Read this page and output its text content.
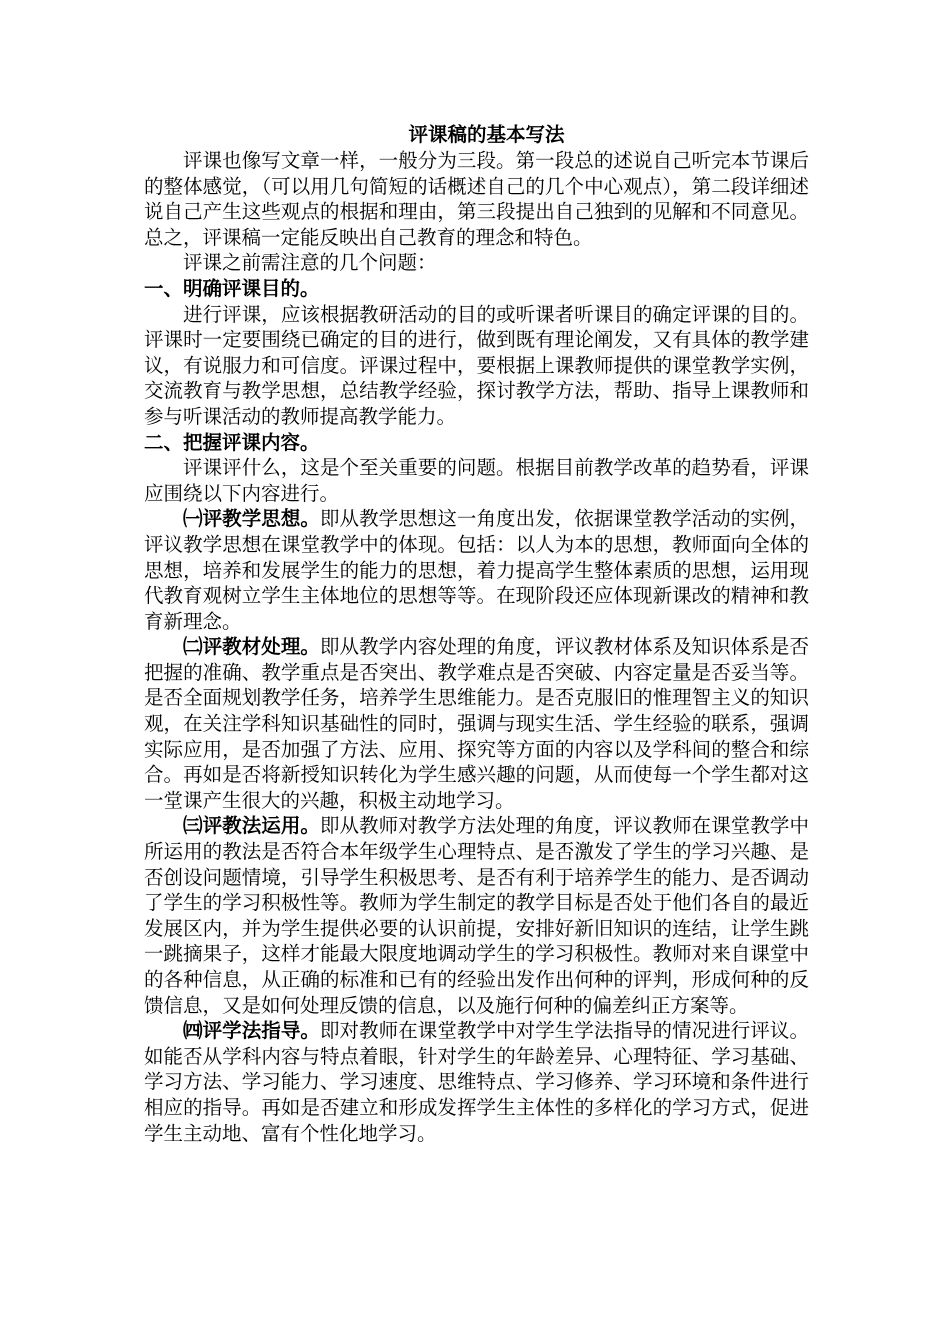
评课稿的基本写法

评课也像写文章一样，一般分为三段。第一段总的述说自己听完本节课后的整体感觉，（可以用几句简短的话概述自己的几个中心观点），第二段详细述说自己产生这些观点的根据和理由，第三段提出自己独到的见解和不同意见。总之，评课稿一定能反映出自己教育的理念和特色。

评课之前需注意的几个问题：

一、明确评课目的。

进行评课，应该根据教研活动的目的或听课者听课目的确定评课的目的。评课时一定要围绕已确定的目的进行，做到既有理论阐发，又有具体的教学建议，有说服力和可信度。评课过程中，要根据上课教师提供的课堂教学实例，交流教育与教学思想，总结教学经验，探讨教学方法，帮助、指导上课教师和参与听课活动的教师提高教学能力。

二、把握评课内容。

评课评什么，这是个至关重要的问题。根据目前教学改革的趋势看，评课应围绕以下内容进行。

㈠评教学思想。即从教学思想这一角度出发，依据课堂教学活动的实例，评议教学思想在课堂教学中的体现。包括：以人为本的思想，教师面向全体的思想，培养和发展学生的能力的思想，着力提高学生整体素质的思想，运用现代教育观树立学生主体地位的思想等等。在现阶段还应体现新课改的精神和教育新理念。

㈡评教材处理。即从教学内容处理的角度，评议教材体系及知识体系是否把握的准确、教学重点是否突出、教学难点是否突破、内容定量是否妥当等。是否全面规划教学任务，培养学生思维能力。是否克服旧的惟理智主义的知识观，在关注学科知识基础性的同时，强调与现实生活、学生经验的联系，强调实际应用，是否加强了方法、应用、探究等方面的内容以及学科间的整合和综合。再如是否将新授知识转化为学生感兴趣的问题，从而使每一个学生都对这一堂课产生很大的兴趣，积极主动地学习。

㈢评教法运用。即从教师对教学方法处理的角度，评议教师在课堂教学中所运用的教法是否符合本年级学生心理特点、是否激发了学生的学习兴趣、是否创设问题情境，引导学生积极思考、是否有利于培养学生的能力、是否调动了学生的学习积极性等。教师为学生制定的教学目标是否处于他们各自的最近发展区内，并为学生提供必要的认识前提，安排好新旧知识的连结，让学生跳一跳摘果子，这样才能最大限度地调动学生的学习积极性。教师对来自课堂中的各种信息，从正确的标准和已有的经验出发作出何种的评判，形成何种的反馈信息，又是如何处理反馈的信息，以及施行何种的偏差纠正方案等。

㈣评学法指导。即对教师在课堂教学中对学生学法指导的情况进行评议。如能否从学科内容与特点着眼，针对学生的年龄差异、心理特征、学习基础、学习方法、学习能力、学习速度、思维特点、学习修养、学习环境和条件进行相应的指导。再如是否建立和形成发挥学生主体性的多样化的学习方式，促进学生主动地、富有个性化地学习。
